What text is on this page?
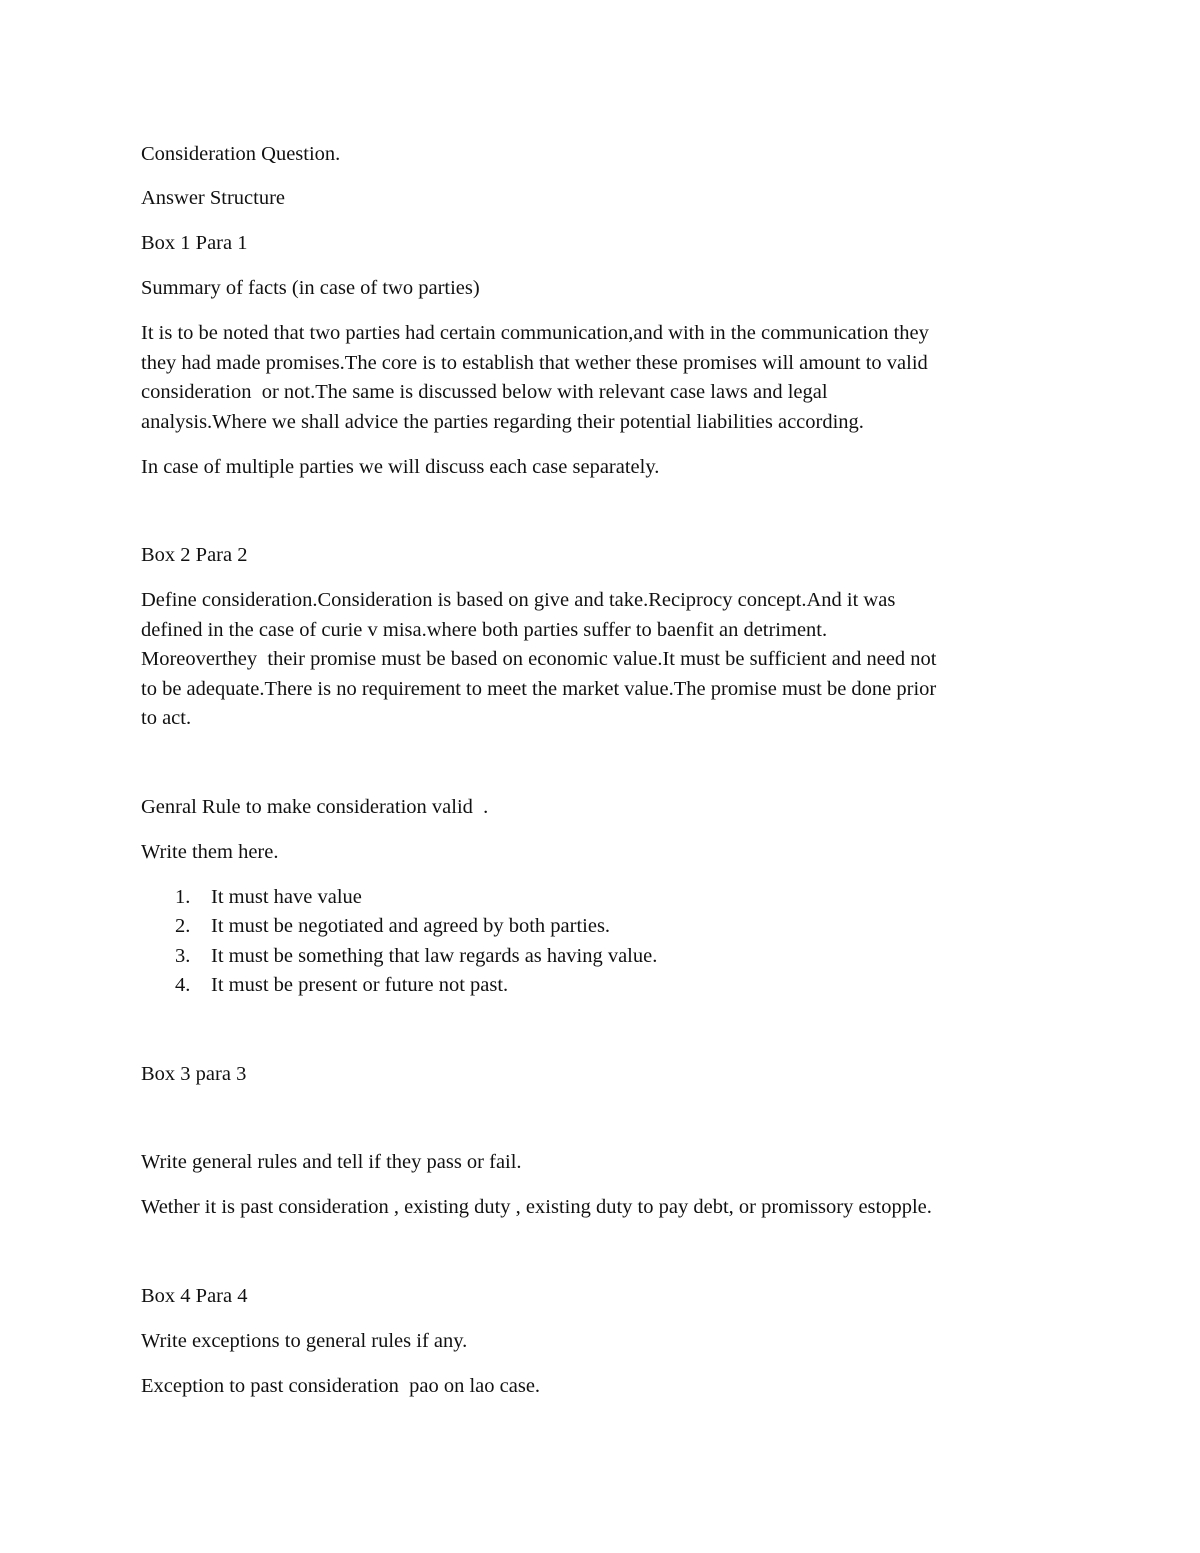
Consideration Question.

Answer Structure

Box 1 Para 1

Summary of facts (in case of two parties)

It is to be noted that two parties had certain communication,and with in the communication they
they had made promises.The core is to establish that wether these promises will amount to valid
consideration  or not.The same is discussed below with relevant case laws and legal
analysis.Where we shall advice the parties regarding their potential liabilities according.

In case of multiple parties we will discuss each case separately.

Box 2 Para 2

Define consideration.Consideration is based on give and take.Reciprocy concept.And it was
defined in the case of curie v misa.where both parties suffer to baenfit an detriment.
Moreoverthey  their promise must be based on economic value.It must be sufficient and need not
to be adequate.There is no requirement to meet the market value.The promise must be done prior
to act.

Genral Rule to make consideration valid  .

Write them here.

1. It must have value
2. It must be negotiated and agreed by both parties.
3. It must be something that law regards as having value.
4. It must be present or future not past.

Box 3 para 3

Write general rules and tell if they pass or fail.

Wether it is past consideration , existing duty , existing duty to pay debt, or promissory estopple.

Box 4 Para 4

Write exceptions to general rules if any.

Exception to past consideration  pao on lao case.
